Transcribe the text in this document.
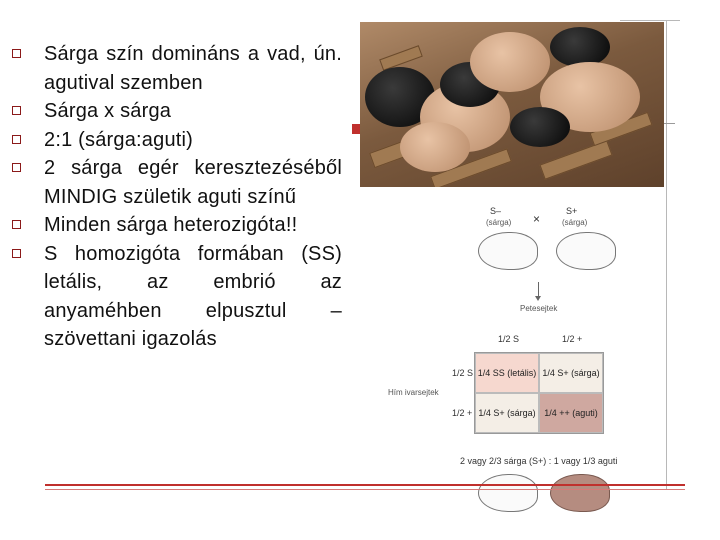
Sárga szín domináns a vad, ún. agutival szemben
Sárga x sárga
2:1 (sárga:aguti)
2 sárga egér keresztezéséből MINDIG születik aguti színű
Minden sárga heterozigóta!!
S homozigóta formában (SS) letális, az embrió az anyaméhben elpusztul – szövettani igazolás
S–
(sárga) ×
S+
(sárga)
Petesejtek
1/2 S	1/2 +
Hím ivarsejtek
1/2 S
1/2 +
1/4 SS (letális) 1/4 S+ (sárga)
1/4 S+ (sárga) 1/4 ++ (aguti)
2 vagy 2/3 sárga (S+) : 1 vagy 1/3 aguti
